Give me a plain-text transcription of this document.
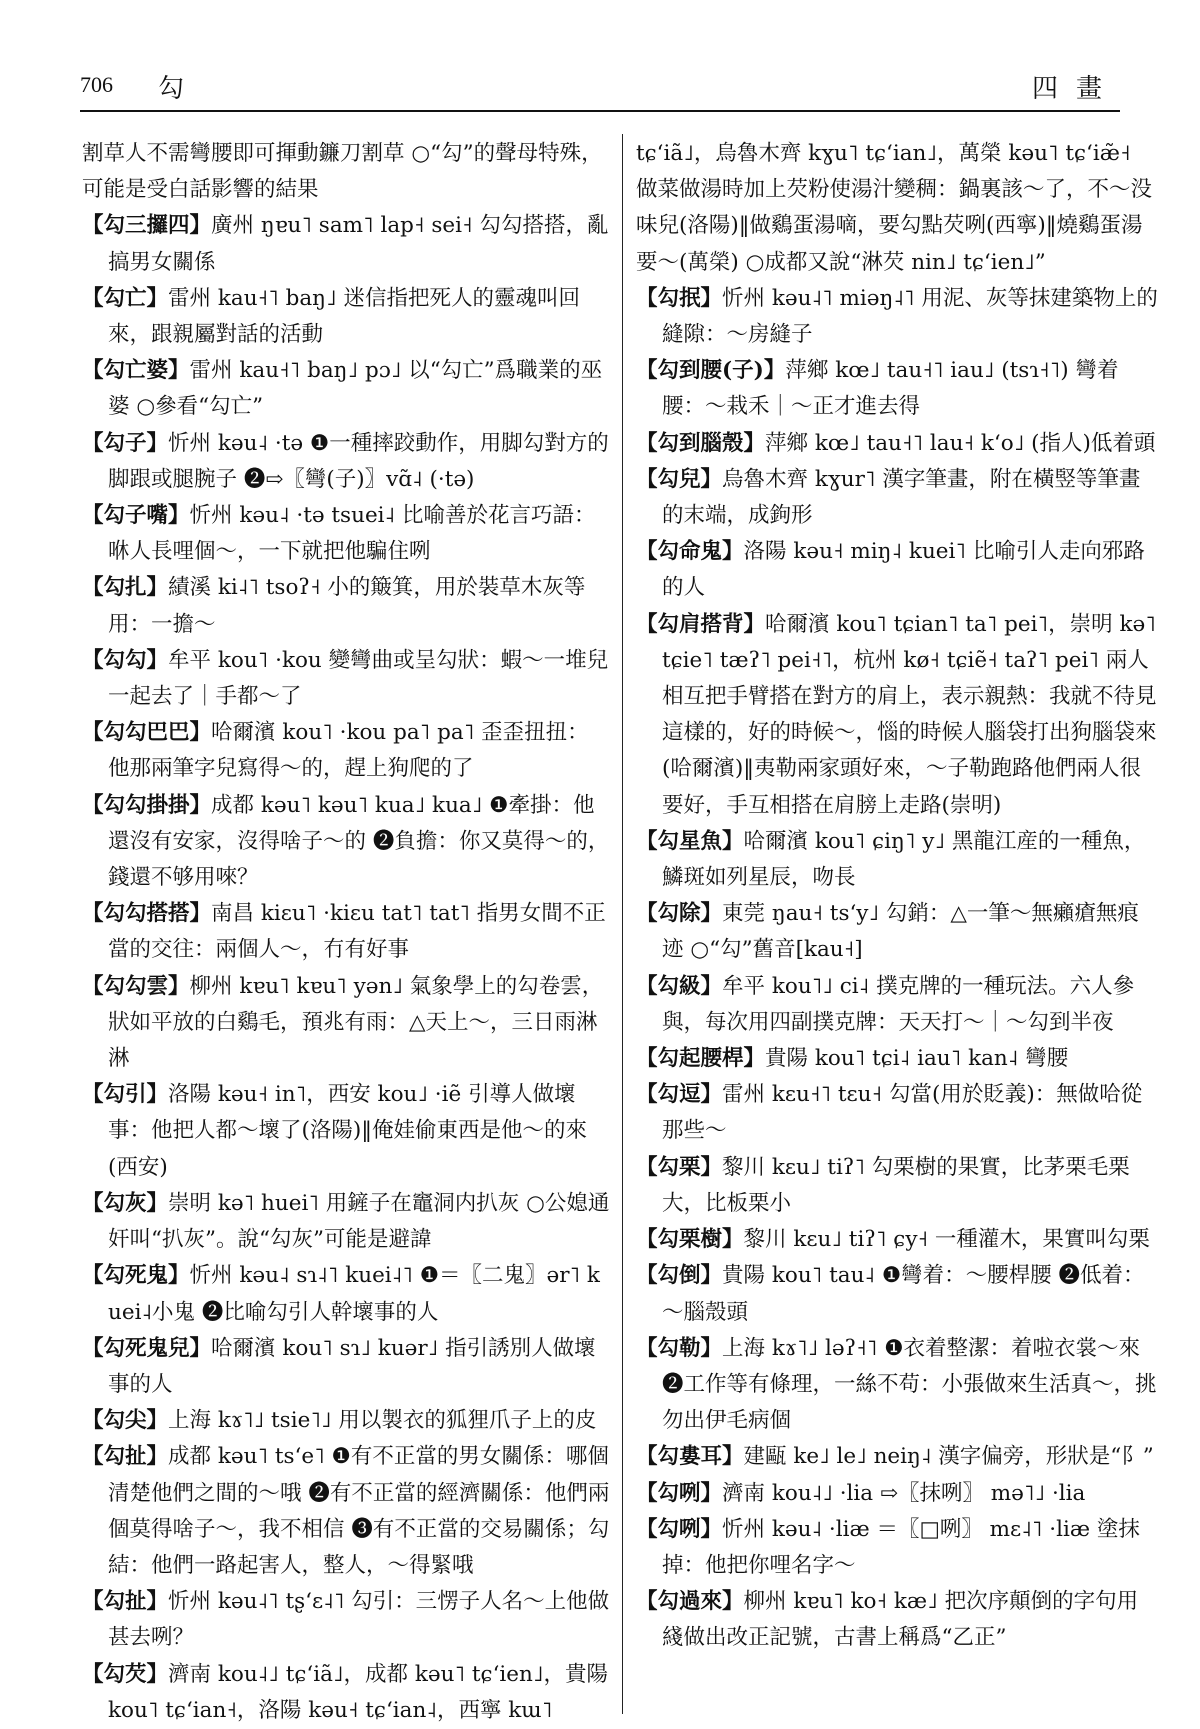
706 勾	四畫
割草人不需彎腰即可揮動鐮刀割草 ○“勾”的聲母特殊，可能是受白話影響的結果
【勾三攞四】廣州 ŋɐu˥ sam˥ lap˧ sei˧ 勾勾搭搭，亂搞男女關係
【勾亡】雷州 kau˧˥ baŋ˩ 迷信指把死人的靈魂叫回來，跟親屬對話的活動
【勾亡婆】雷州 kau˧˥ baŋ˩ pɔ˩ 以“勾亡”爲職業的巫婆 ○參看“勾亡”
【勾子】忻州 kəu˨ ·tə ❶一種摔跤動作，用脚勾對方的脚跟或腿腕子 ❷⇨〖彎(子)〗vɑ̃˨ (·tə)
【勾子嘴】忻州 kəu˨ ·tə tsuei˨ 比喻善於花言巧語：咻人長哩個～，一下就把他騙住咧
【勾扎】績溪 ki˨˥ tsoʔ˧ 小的簸箕，用於裝草木灰等用：一擔～
【勾勾】牟平 kou˥ ·kou 變彎曲或呈勾狀：蝦～一堆兒一起去了｜手都～了
【勾勾巴巴】哈爾濱 kou˥ ·kou pa˥ pa˥ 歪歪扭扭：他那兩筆字兒寫得～的，趕上狗爬的了
【勾勾掛掛】成都 kəu˥ kəu˥ kua˩ kua˩ ❶牽掛：他還沒有安家，沒得啥子～的 ❷負擔：你又莫得～的，錢還不够用唻？
【勾勾搭搭】南昌 kiɛu˥ ·kiɛu tat˥ tat˥ 指男女間不正當的交往：兩個人～，冇有好事
【勾勾雲】柳州 kɐu˥ kɐu˥ yən˩ 氣象學上的勾卷雲，狀如平放的白鷄毛，預兆有雨：△天上～，三日雨淋淋
【勾引】洛陽 kəu˧ in˥，西安 kou˩ ·iẽ 引導人做壞事：他把人都～壞了(洛陽)‖俺娃偷東西是他～的來(西安)
【勾灰】崇明 kə˥ huei˥ 用鏟子在竈洞内扒灰 ○公媳通奸叫“扒灰”。說“勾灰”可能是避諱
【勾死鬼】忻州 kəu˨ sɿ˨˥ kuei˨˥ ❶＝〖二鬼〗ər˥ kuei˨小鬼 ❷比喻勾引人幹壞事的人
【勾死鬼兒】哈爾濱 kou˥ sɿ˩ kuər˩ 指引誘別人做壞事的人
【勾尖】上海 kɤ˥˩ tsie˥˩ 用以製衣的狐狸爪子上的皮
【勾扯】成都 kəu˥ tsʻe˥ ❶有不正當的男女關係：哪個清楚他們之間的～哦 ❷有不正當的經濟關係：他們兩個莫得啥子～，我不相信 ❸有不正當的交易關係；勾結：他們一路起害人，整人，～得緊哦
【勾扯】忻州 kəu˨˥ tʂʻɛ˨˥ 勾引：三愣子人名～上他做甚去咧？
【勾芡】濟南 kou˨˩ tɕʻiã˩，成都 kəu˥ tɕʻien˩，貴陽 kou˥ tɕʻian˧，洛陽 kəu˧ tɕʻian˨，西寧 kɯ˥
tɕʻiã˩，烏魯木齊 kɣu˥ tɕʻian˩，萬榮 kəu˥ tɕʻiæ̃˧ 做菜做湯時加上芡粉使湯汁變稠：鍋裏該～了，不～没味兒(洛陽)‖做鷄蛋湯嘀，要勾點芡咧(西寧)‖燒鷄蛋湯要～(萬榮) ○成都又說“淋芡 nin˩ tɕʻien˩”
【勾抿】忻州 kəu˨˥ miəŋ˨˥ 用泥、灰等抹建築物上的縫隙：～房縫子
【勾到腰(子)】萍鄉 kœ˩ tau˧˥ iau˩ (tsɿ˧˥) 彎着腰：～栽禾｜～正才進去得
【勾到腦殼】萍鄉 kœ˩ tau˧˥ lau˧ kʻo˩ (指人)低着頭
【勾兒】烏魯木齊 kɣur˥ 漢字筆畫，附在橫竪等筆畫的末端，成鉤形
【勾命鬼】洛陽 kəu˧ miŋ˨ kuei˥ 比喻引人走向邪路的人
【勾肩搭背】哈爾濱 kou˥ tɕian˥ ta˥ pei˥，崇明 kə˥ tɕie˥ tæʔ˥ pei˧˥，杭州 kø˧ tɕiẽ˧ taʔ˥ pei˥ 兩人相互把手臂搭在對方的肩上，表示親熱：我就不待見這樣的，好的時候～，惱的時候人腦袋打出狗腦袋來(哈爾濱)‖夷勒兩家頭好來，～子勒跑路他們兩人很要好，手互相搭在肩膀上走路(崇明)
【勾星魚】哈爾濱 kou˥ ɕiŋ˥ y˩ 黑龍江産的一種魚，鱗斑如列星辰，吻長
【勾除】東莞 ŋau˧ tsʻy˩ 勾銷：△一筆～無癩瘡無痕迹 ○“勾”舊音[kau˧]
【勾級】牟平 kou˥˩ ci˨ 撲克牌的一種玩法。六人參與，每次用四副撲克牌：天天打～｜～勾到半夜
【勾起腰桿】貴陽 kou˥ tɕi˨ iau˥ kan˨ 彎腰
【勾逗】雷州 kɛu˧˥ tɛu˧ 勾當(用於貶義)：無做哈從那些～
【勾栗】黎川 kɛu˩ tiʔ˥ 勾栗樹的果實，比茅栗毛栗大，比板栗小
【勾栗樹】黎川 kɛu˩ tiʔ˥ ɕy˧ 一種灌木，果實叫勾栗
【勾倒】貴陽 kou˥ tau˨ ❶彎着：～腰桿腰 ❷低着：～腦殼頭
【勾勒】上海 kɤ˥˩ ləʔ˧˥ ❶衣着整潔：着啦衣裳～來 ❷工作等有條理，一絲不苟：小張做來生活真～，挑勿出伊毛病個
【勾婁耳】建甌 ke˩ le˩ neiŋ˨ 漢字偏旁，形狀是“阝”
【勾咧】濟南 kou˨˩ ·lia ⇨〖抹咧〗 mə˥˩ ·lia
【勾咧】忻州 kəu˨ ·liæ ＝〖□咧〗 mɛ˨˥ ·liæ 塗抹掉：他把你哩名字～
【勾過來】柳州 kɐu˥ ko˧ kæ˩ 把次序顛倒的字句用綫做出改正記號，古書上稱爲“乙正”
